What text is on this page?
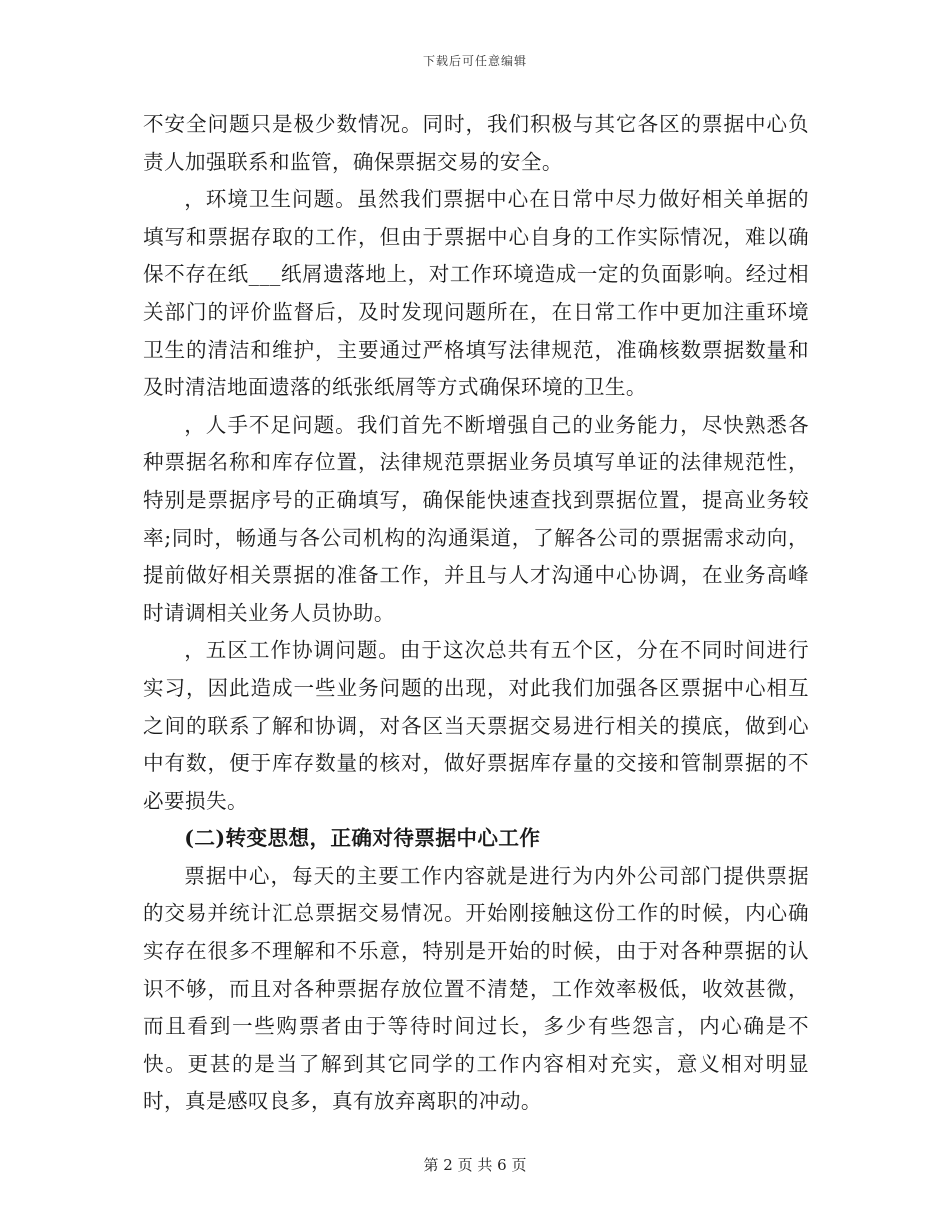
下载后可任意编辑

不安全问题只是极少数情况。同时，我们积极与其它各区的票据中心负责人加强联系和监管，确保票据交易的安全。

，环境卫生问题。虽然我们票据中心在日常中尽力做好相关单据的填写和票据存取的工作，但由于票据中心自身的工作实际情况，难以确保不存在纸___纸屑遗落地上，对工作环境造成一定的负面影响。经过相关部门的评价监督后，及时发现问题所在，在日常工作中更加注重环境卫生的清洁和维护，主要通过严格填写法律规范，准确核数票据数量和及时清洁地面遗落的纸张纸屑等方式确保环境的卫生。

，人手不足问题。我们首先不断增强自己的业务能力，尽快熟悉各种票据名称和库存位置，法律规范票据业务员填写单证的法律规范性，特别是票据序号的正确填写，确保能快速查找到票据位置，提高业务较率;同时，畅通与各公司机构的沟通渠道，了解各公司的票据需求动向，提前做好相关票据的准备工作，并且与人才沟通中心协调，在业务高峰时请调相关业务人员协助。

，五区工作协调问题。由于这次总共有五个区，分在不同时间进行实习，因此造成一些业务问题的出现，对此我们加强各区票据中心相互之间的联系了解和协调，对各区当天票据交易进行相关的摸底，做到心中有数，便于库存数量的核对，做好票据库存量的交接和管制票据的不必要损失。

(二)转变思想，正确对待票据中心工作

票据中心，每天的主要工作内容就是进行为内外公司部门提供票据的交易并统计汇总票据交易情况。开始刚接触这份工作的时候，内心确实存在很多不理解和不乐意，特别是开始的时候，由于对各种票据的认识不够，而且对各种票据存放位置不清楚，工作效率极低，收效甚微，而且看到一些购票者由于等待时间过长，多少有些怨言，内心确是不快。更甚的是当了解到其它同学的工作内容相对充实，意义相对明显时，真是感叹良多，真有放弃离职的冲动。

第 2 页 共 6 页
